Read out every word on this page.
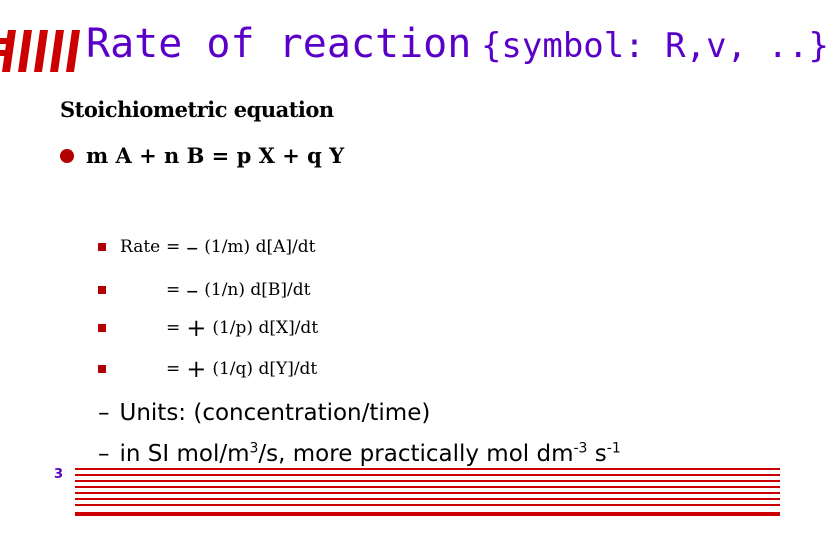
Rate of reaction {symbol: R,v, ..}
Stoichiometric equation
m A + n B = p X + q Y
Rate = – (1/m) d[A]/dt
= – (1/n) d[B]/dt
= + (1/p) d[X]/dt
= + (1/q) d[Y]/dt
– Units: (concentration/time)
– in SI mol/$m^3/s$, more practically mol $dm^{-3}$ $s^{-1}$
3
